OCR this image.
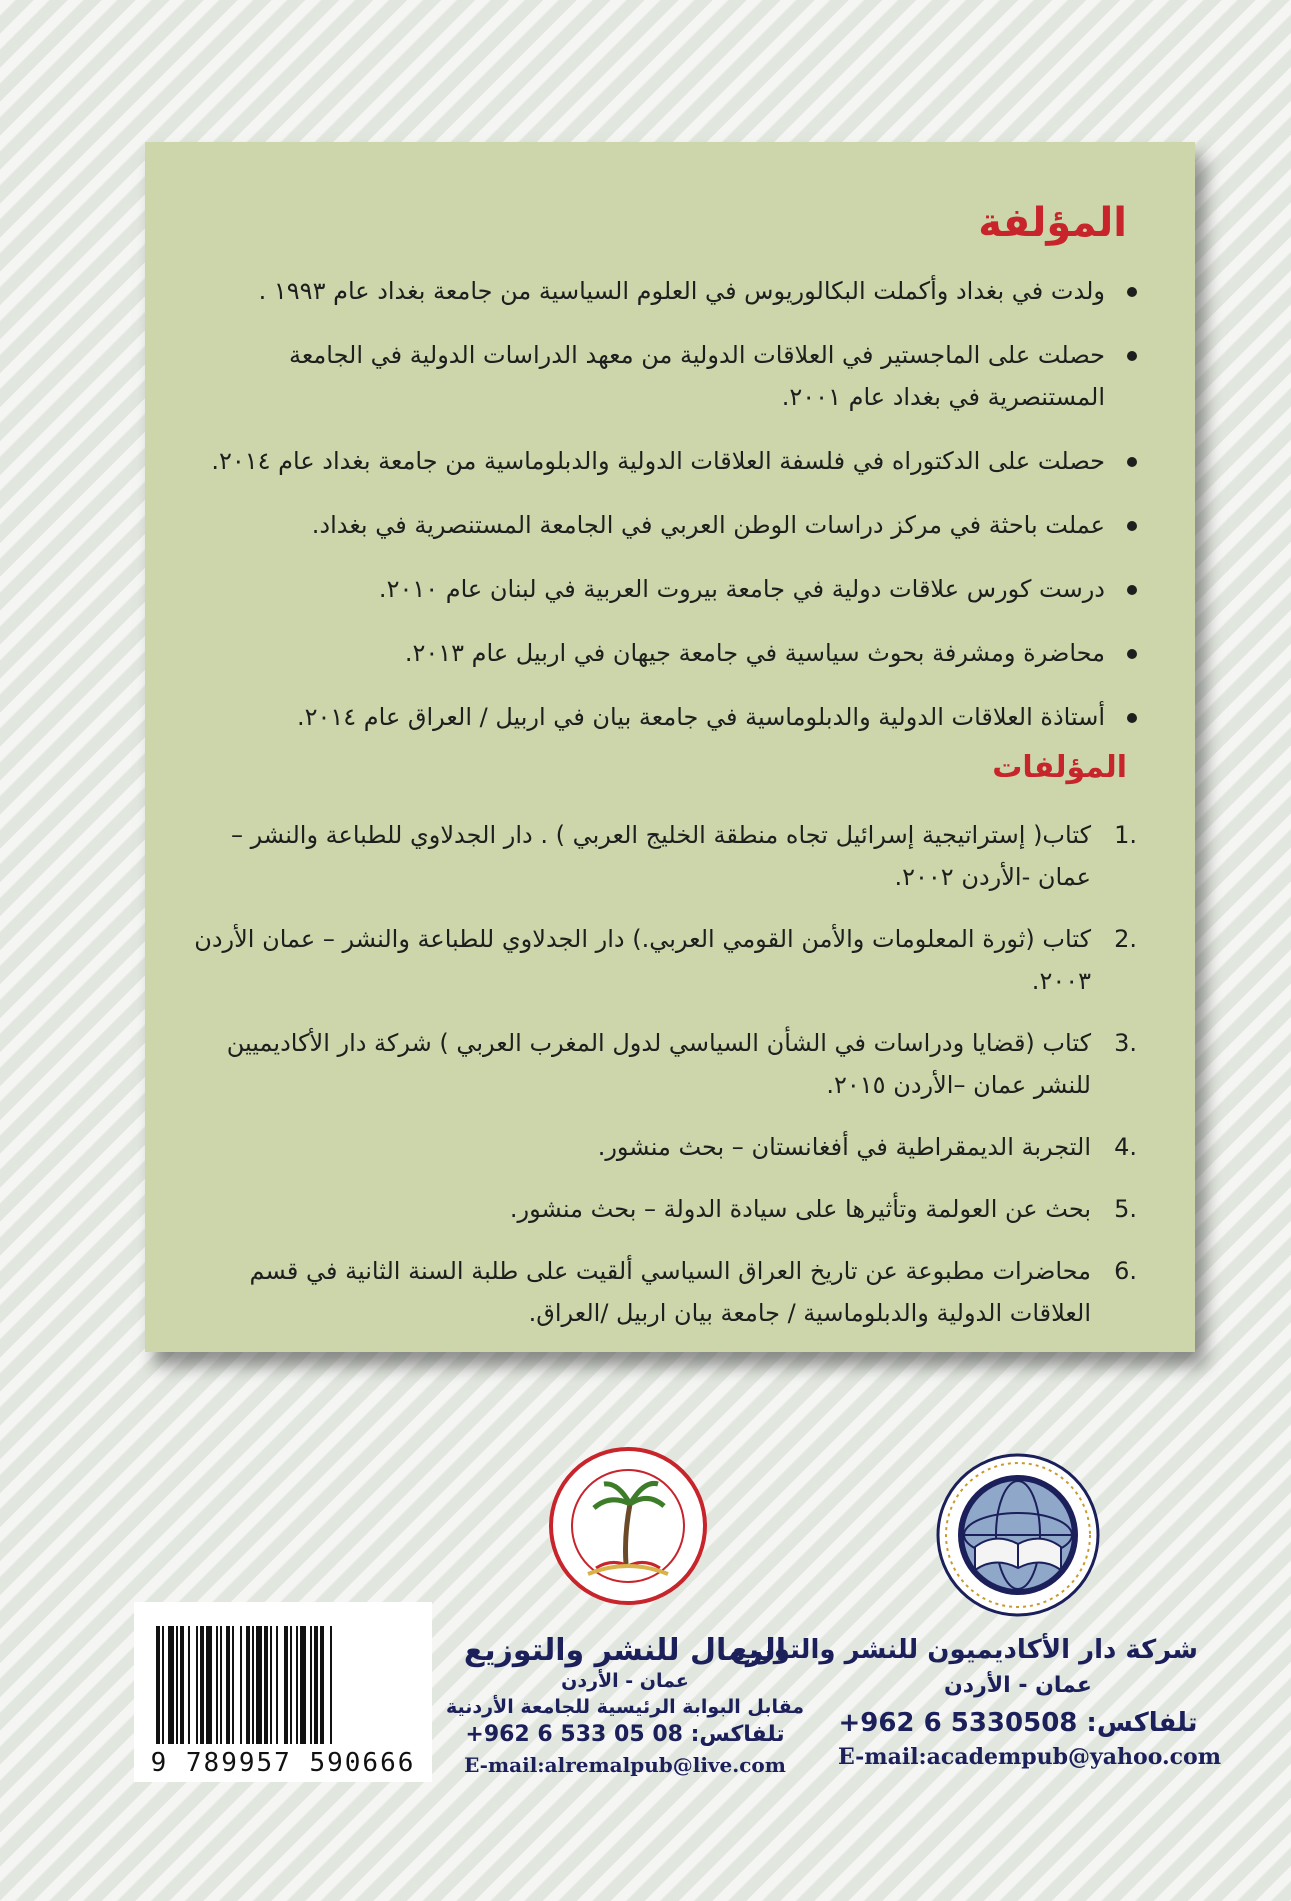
المؤلفة
ولدت في بغداد وأكملت البكالوريوس في العلوم السياسية من جامعة بغداد عام ١٩٩٣ .
حصلت على الماجستير في العلاقات الدولية من معهد الدراسات الدولية في الجامعة المستنصرية في بغداد عام ٢٠٠١.
حصلت على الدكتوراه في فلسفة العلاقات الدولية والدبلوماسية من جامعة بغداد عام ٢٠١٤.
عملت باحثة في مركز دراسات الوطن العربي في الجامعة المستنصرية في بغداد.
درست كورس علاقات دولية في جامعة بيروت العربية في لبنان عام ٢٠١٠.
محاضرة ومشرفة بحوث سياسية في جامعة جيهان في اربيل عام ٢٠١٣.
أستاذة العلاقات الدولية والدبلوماسية في جامعة بيان في اربيل / العراق عام ٢٠١٤.
المؤلفات
1.
كتاب( إستراتيجية إسرائيل تجاه منطقة الخليج العربي ) . دار الجدلاوي للطباعة والنشر – عمان -الأردن ٢٠٠٢.
2.
كتاب (ثورة المعلومات والأمن القومي العربي.) دار الجدلاوي للطباعة والنشر – عمان الأردن ٢٠٠٣.
3.
كتاب (قضايا ودراسات في الشأن السياسي لدول المغرب العربي ) شركة دار الأكاديميين للنشر عمان –الأردن ٢٠١٥.
4.
التجربة الديمقراطية في أفغانستان – بحث منشور.
5.
بحث عن العولمة وتأثيرها على سيادة الدولة – بحث منشور.
6.
محاضرات مطبوعة عن تاريخ العراق السياسي ألقيت على طلبة السنة الثانية في قسم العلاقات الدولية والدبلوماسية / جامعة بيان اربيل /العراق.
شركة دار الأكاديميون للنشر والتوزيع
عمان - الأردن
تلفاكس: 5330508 6 962+
E-mail:academpub@yahoo.com
الرمال للنشر والتوزيع
عمان - الأردن
مقابل البوابة الرئيسية للجامعة الأردنية
تلفاكس: 08 05 533 6 962+
E-mail:alremalpub@live.com
9 789957 590666
